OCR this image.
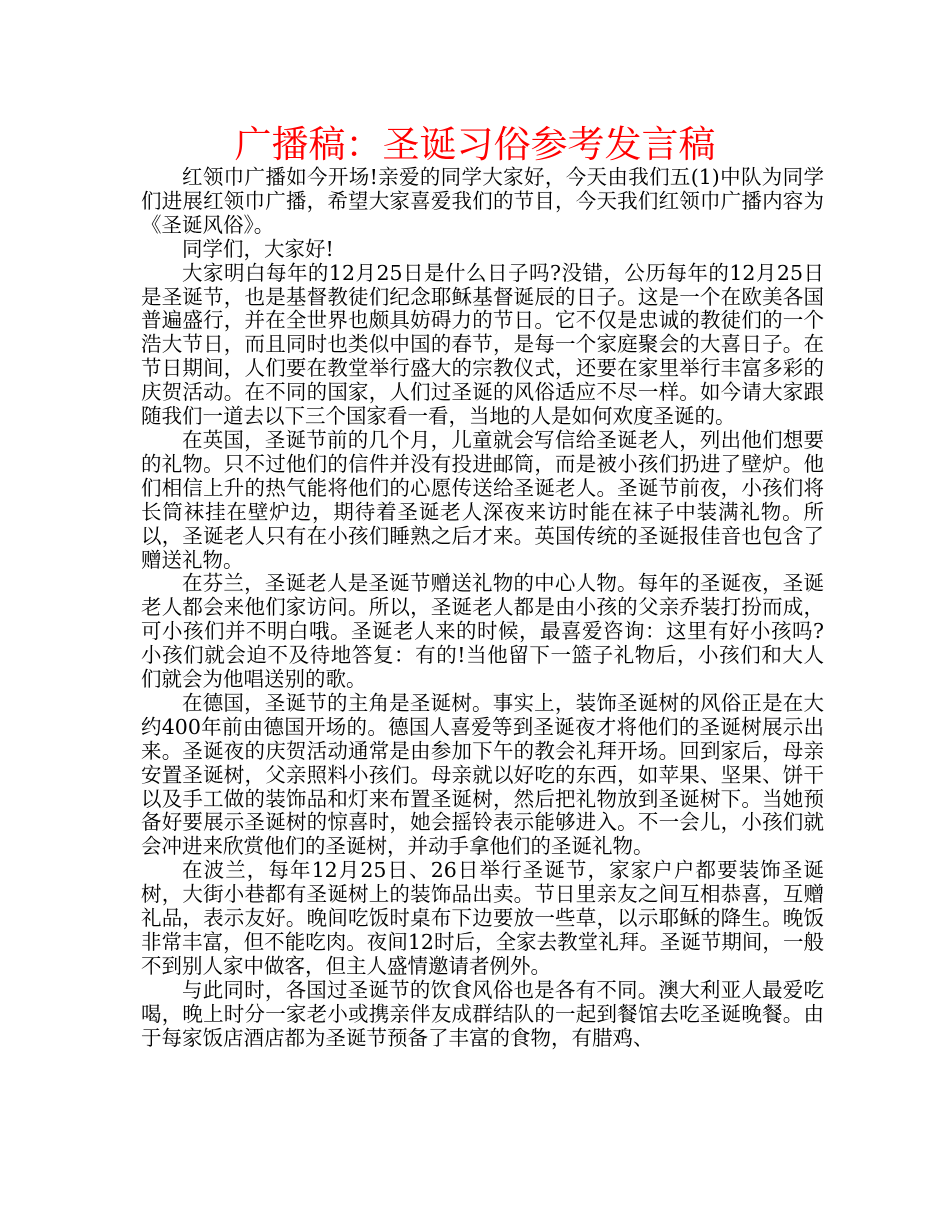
广播稿：圣诞习俗参考发言稿

红领巾广播如今开场!亲爱的同学大家好，今天由我们五(1)中队为同学们进展红领巾广播，希望大家喜爱我们的节目，今天我们红领巾广播内容为《圣诞风俗》。

同学们，大家好!

大家明白每年的12月25日是什么日子吗?没错，公历每年的12月25日是圣诞节，也是基督教徒们纪念耶稣基督诞辰的日子。这是一个在欧美各国普遍盛行，并在全世界也颇具妨碍力的节日。它不仅是忠诚的教徒们的一个浩大节日，而且同时也类似中国的春节，是每一个家庭聚会的大喜日子。在节日期间，人们要在教堂举行盛大的宗教仪式，还要在家里举行丰富多彩的庆贺活动。在不同的国家，人们过圣诞的风俗适应不尽一样。如今请大家跟随我们一道去以下三个国家看一看，当地的人是如何欢度圣诞的。

在英国，圣诞节前的几个月，儿童就会写信给圣诞老人，列出他们想要的礼物。只不过他们的信件并没有投进邮筒，而是被小孩们扔进了壁炉。他们相信上升的热气能将他们的心愿传送给圣诞老人。圣诞节前夜，小孩们将长筒袜挂在壁炉边，期待着圣诞老人深夜来访时能在袜子中装满礼物。所以，圣诞老人只有在小孩们睡熟之后才来。英国传统的圣诞报佳音也包含了赠送礼物。

在芬兰，圣诞老人是圣诞节赠送礼物的中心人物。每年的圣诞夜，圣诞老人都会来他们家访问。所以，圣诞老人都是由小孩的父亲乔装打扮而成，可小孩们并不明白哦。圣诞老人来的时候，最喜爱咨询：这里有好小孩吗?小孩们就会迫不及待地答复：有的!当他留下一篮子礼物后，小孩们和大人们就会为他唱送别的歌。

在德国，圣诞节的主角是圣诞树。事实上，装饰圣诞树的风俗正是在大约400年前由德国开场的。德国人喜爱等到圣诞夜才将他们的圣诞树展示出来。圣诞夜的庆贺活动通常是由参加下午的教会礼拜开场。回到家后，母亲安置圣诞树，父亲照料小孩们。母亲就以好吃的东西，如苹果、坚果、饼干以及手工做的装饰品和灯来布置圣诞树，然后把礼物放到圣诞树下。当她预备好要展示圣诞树的惊喜时，她会摇铃表示能够进入。不一会儿，小孩们就会冲进来欣赏他们的圣诞树，并动手拿他们的圣诞礼物。

在波兰，每年12月25日、26日举行圣诞节，家家户户都要装饰圣诞树，大街小巷都有圣诞树上的装饰品出卖。节日里亲友之间互相恭喜，互赠礼品，表示友好。晚间吃饭时桌布下边要放一些草，以示耶稣的降生。晚饭非常丰富，但不能吃肉。夜间12时后，全家去教堂礼拜。圣诞节期间，一般不到别人家中做客，但主人盛情邀请者例外。

与此同时，各国过圣诞节的饮食风俗也是各有不同。澳大利亚人最爱吃喝，晚上时分一家老小或携亲伴友成群结队的一起到餐馆去吃圣诞晚餐。由于每家饭店酒店都为圣诞节预备了丰富的食物，有腊鸡、
